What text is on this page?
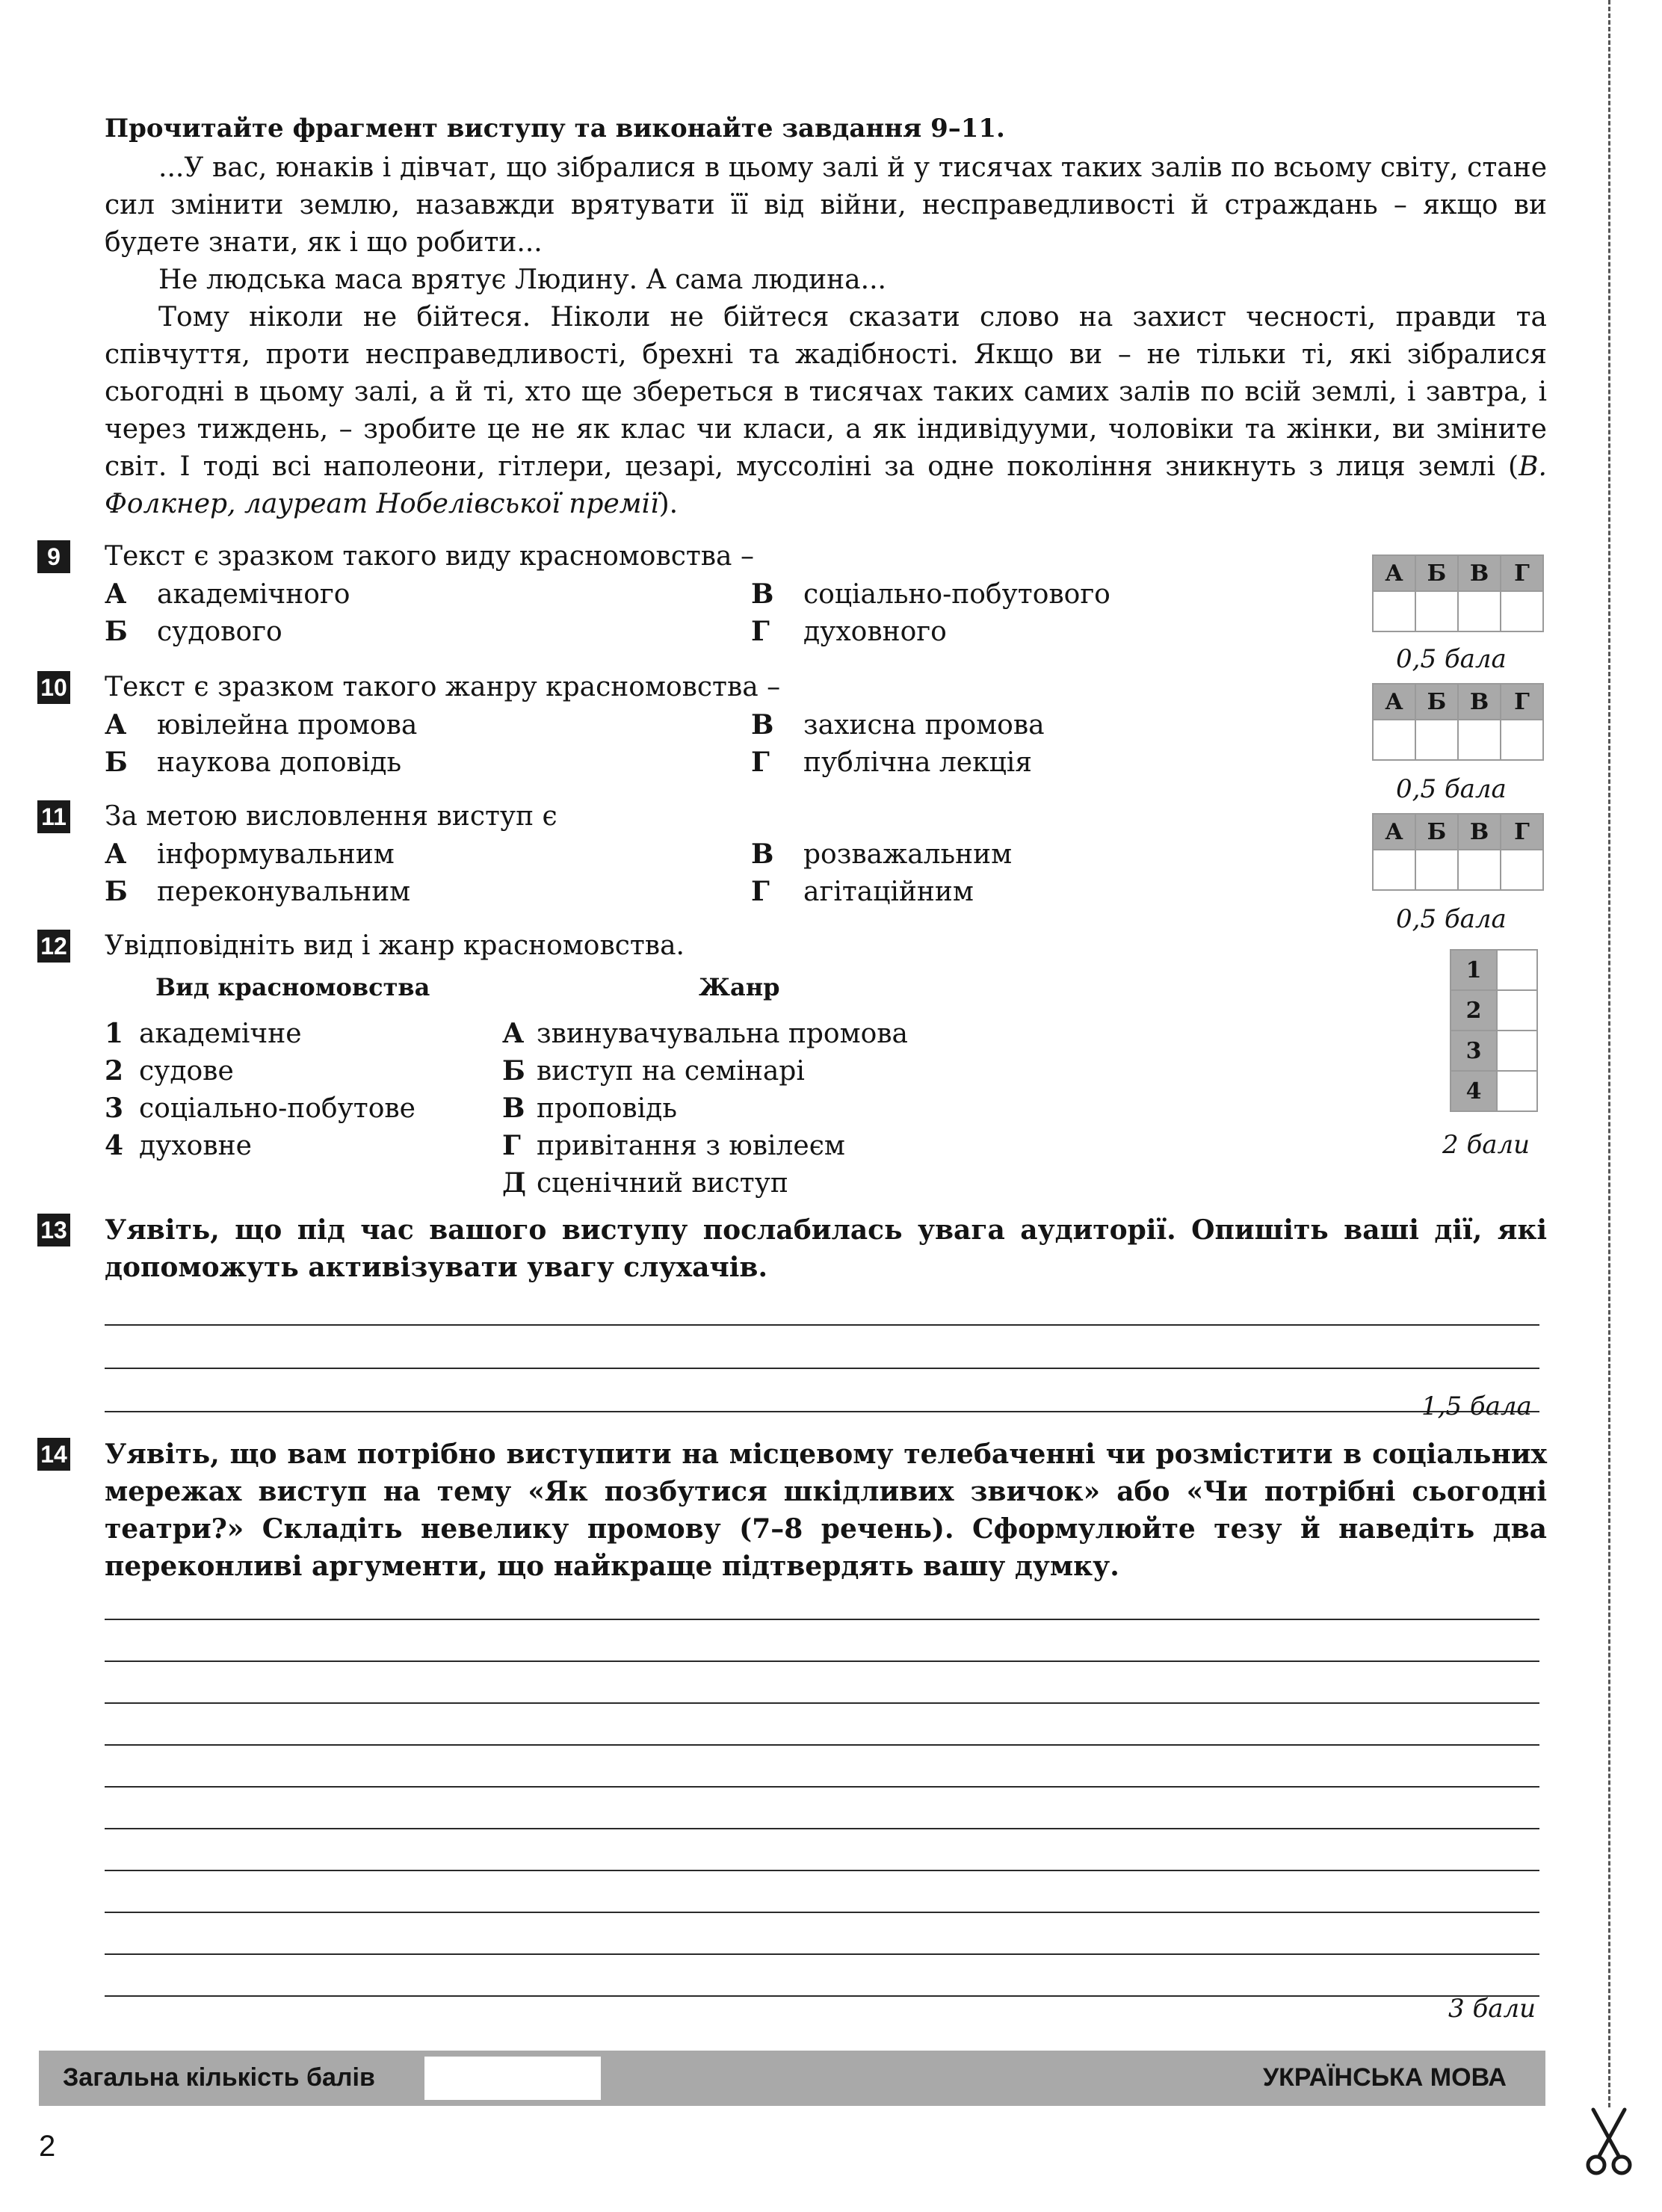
Прочитайте фрагмент виступу та виконайте завдання 9–11.
...У вас, юнаків і дівчат, що зібралися в цьому залі й у тисячах таких залів по всьому світу, стане сил змінити землю, назавжди врятувати її від війни, несправедливості й страждань – якщо ви будете знати, як і що робити...
Не людська маса врятує Людину. А сама людина...
Тому ніколи не бійтеся. Ніколи не бійтеся сказати слово на захист чесності, правди та співчуття, проти несправедливості, брехні та жадібності. Якщо ви – не тільки ті, які зібралися сьогодні в цьому залі, а й ті, хто ще збереться в тисячах таких самих залів по всій землі, і завтра, і через тиждень, – зробите це не як клас чи класи, а як індивідууми, чоловіки та жінки, ви зміните світ. І тоді всі наполеони, гітлери, цезарі, муссоліні за одне покоління зникнуть з лиця землі (В. Фолкнер, лауреат Нобелівської премії).
9	Текст є зразком такого виду красномовства –
А академічного
Б судового
В соціально-побутового
Г духовного
А	Б	В	Г

0,5 бала
10 Текст є зразком такого жанру красномовства –
А ювілейна промова
Б наукова доповідь
В захисна промова
Г публічна лекція
А	Б	В	Г

0,5 бала
11 За метою висловлення виступ є
А інформувальним
Б переконувальним
В розважальним
Г агітаційним
А	Б	В	Г

0,5 бала
12 Увідповідніть вид і жанр красномовства.
Вид красномовства	Жанр
1 академічне
2 судове
3 соціально-побутове
4 духовне
А звинувачувальна промова
Б виступ на семінарі
В проповідь
Г привітання з ювілеєм
Д сценічний виступ
1	
2	
3	
4	
2 бали
13 Уявіть, що під час вашого виступу послабилась увага аудиторії. Опишіть ваші дії, які допоможуть активізувати увагу слухачів.
1,5 бала
14 Уявіть, що вам потрібно виступити на місцевому телебаченні чи розмістити в соціальних мережах виступ на тему «Як позбутися шкідливих звичок» або «Чи потрібні сьогодні театри?» Складіть невелику промову (7–8 речень). Сформулюйте тезу й наведіть два переконливі аргументи, що найкраще підтвердять вашу думку.
3 бали
Загальна кількість балів	УКРАЇНСЬКА МОВА
2
